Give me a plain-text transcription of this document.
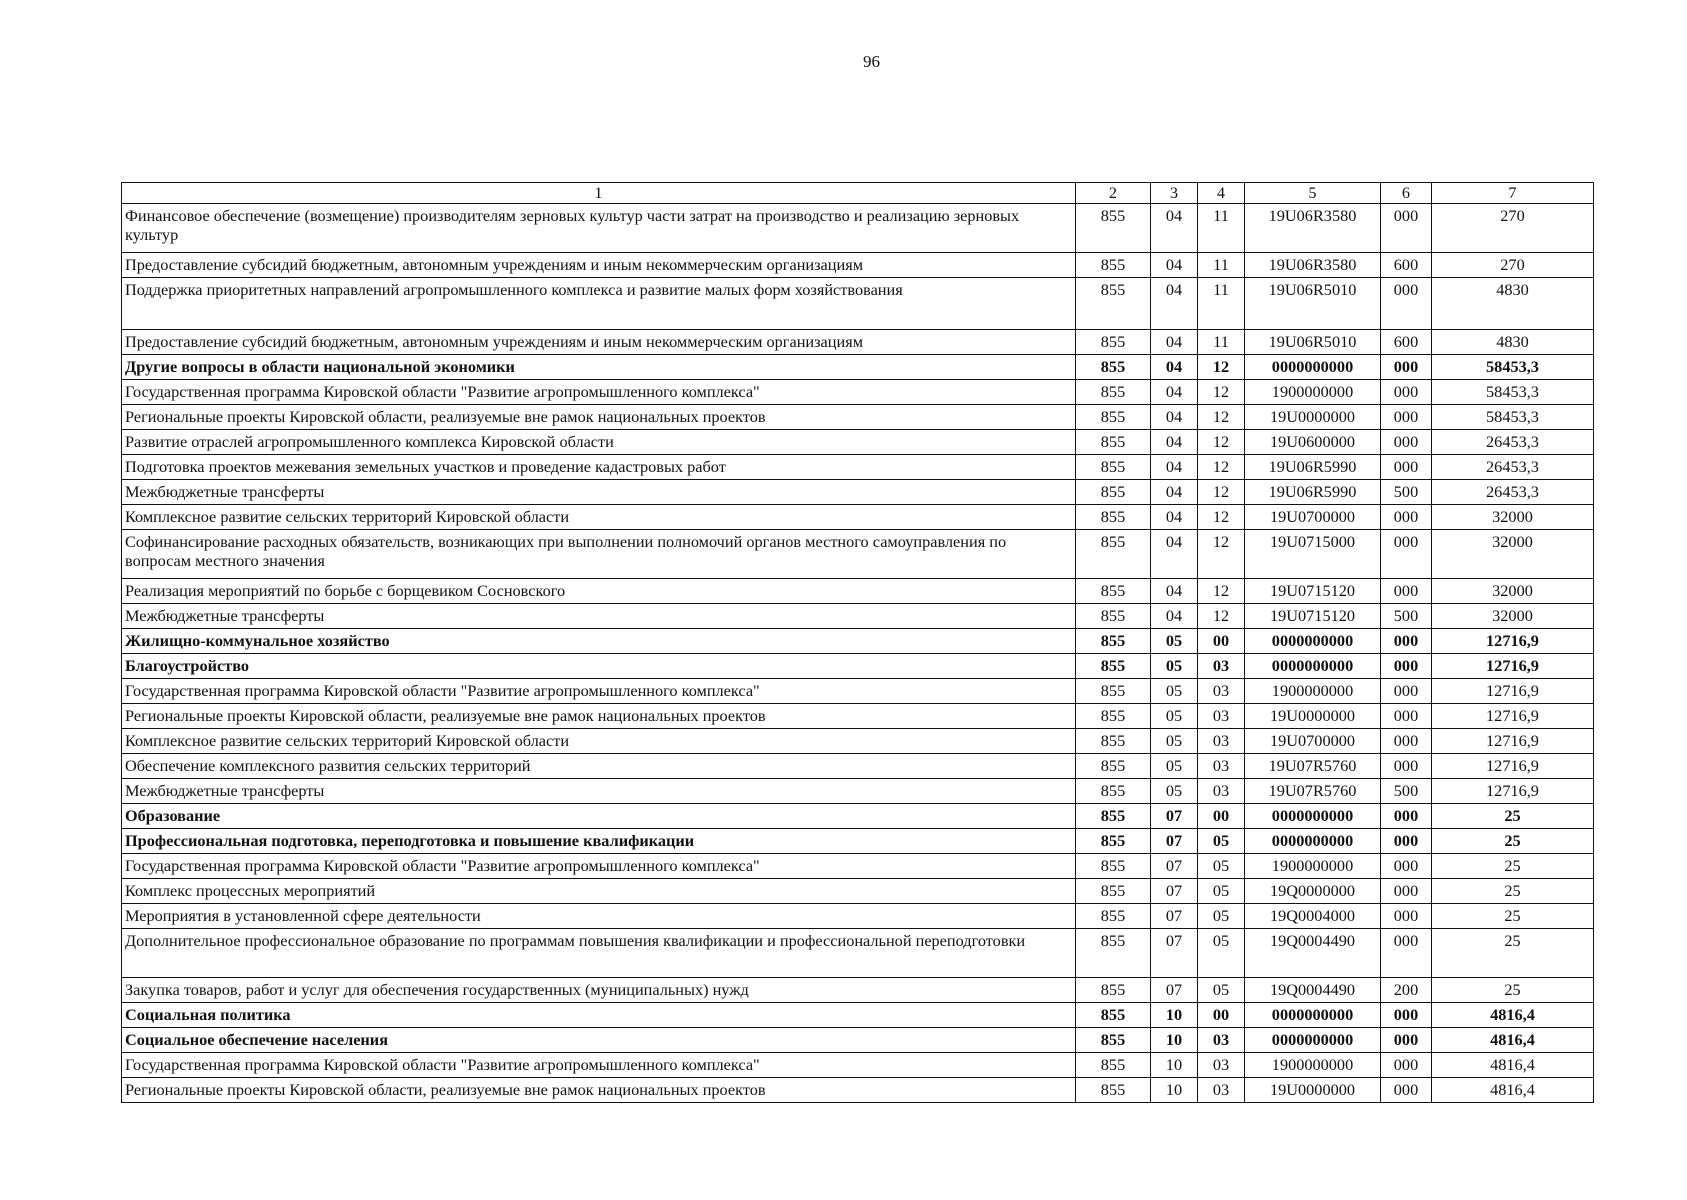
96
1	2	3	4	5	6	7
Финансовое обеспечение (возмещение) производителям зерновых культур части затрат на производство и реализацию зерновых культур	855	04	11	19U06R3580	000	270
Предоставление субсидий бюджетным, автономным учреждениям и иным некоммерческим организациям	855	04	11	19U06R3580	600	270
Поддержка приоритетных направлений агропромышленного комплекса и развитие малых форм хозяйствования	855	04	11	19U06R5010	000	4830
Предоставление субсидий бюджетным, автономным учреждениям и иным некоммерческим организациям	855	04	11	19U06R5010	600	4830
Другие вопросы в области национальной экономики	855	04	12	0000000000	000	58453,3
Государственная программа Кировской области "Развитие агропромышленного комплекса"	855	04	12	1900000000	000	58453,3
Региональные проекты Кировской области, реализуемые вне рамок национальных проектов	855	04	12	19U0000000	000	58453,3
Развитие отраслей агропромышленного комплекса Кировской области	855	04	12	19U0600000	000	26453,3
Подготовка проектов межевания земельных участков и проведение кадастровых работ	855	04	12	19U06R5990	000	26453,3
Межбюджетные трансферты	855	04	12	19U06R5990	500	26453,3
Комплексное развитие сельских территорий Кировской области	855	04	12	19U0700000	000	32000
Софинансирование расходных обязательств, возникающих при выполнении полномочий органов местного самоуправления по вопросам местного значения	855	04	12	19U0715000	000	32000
Реализация мероприятий по борьбе с борщевиком Сосновского	855	04	12	19U0715120	000	32000
Межбюджетные трансферты	855	04	12	19U0715120	500	32000
Жилищно-коммунальное хозяйство	855	05	00	0000000000	000	12716,9
Благоустройство	855	05	03	0000000000	000	12716,9
Государственная программа Кировской области "Развитие агропромышленного комплекса"	855	05	03	1900000000	000	12716,9
Региональные проекты Кировской области, реализуемые вне рамок национальных проектов	855	05	03	19U0000000	000	12716,9
Комплексное развитие сельских территорий Кировской области	855	05	03	19U0700000	000	12716,9
Обеспечение комплексного развития сельских территорий	855	05	03	19U07R5760	000	12716,9
Межбюджетные трансферты	855	05	03	19U07R5760	500	12716,9
Образование	855	07	00	0000000000	000	25
Профессиональная подготовка, переподготовка и повышение квалификации	855	07	05	0000000000	000	25
Государственная программа Кировской области "Развитие агропромышленного комплекса"	855	07	05	1900000000	000	25
Комплекс процессных мероприятий	855	07	05	19Q0000000	000	25
Мероприятия в установленной сфере деятельности	855	07	05	19Q0004000	000	25
Дополнительное профессиональное образование по программам повышения квалификации и профессиональной переподготовки	855	07	05	19Q0004490	000	25
Закупка товаров, работ и услуг для обеспечения государственных (муниципальных) нужд	855	07	05	19Q0004490	200	25
Социальная политика	855	10	00	0000000000	000	4816,4
Социальное обеспечение населения	855	10	03	0000000000	000	4816,4
Государственная программа Кировской области "Развитие агропромышленного комплекса"	855	10	03	1900000000	000	4816,4
Региональные проекты Кировской области, реализуемые вне рамок национальных проектов	855	10	03	19U0000000	000	4816,4
